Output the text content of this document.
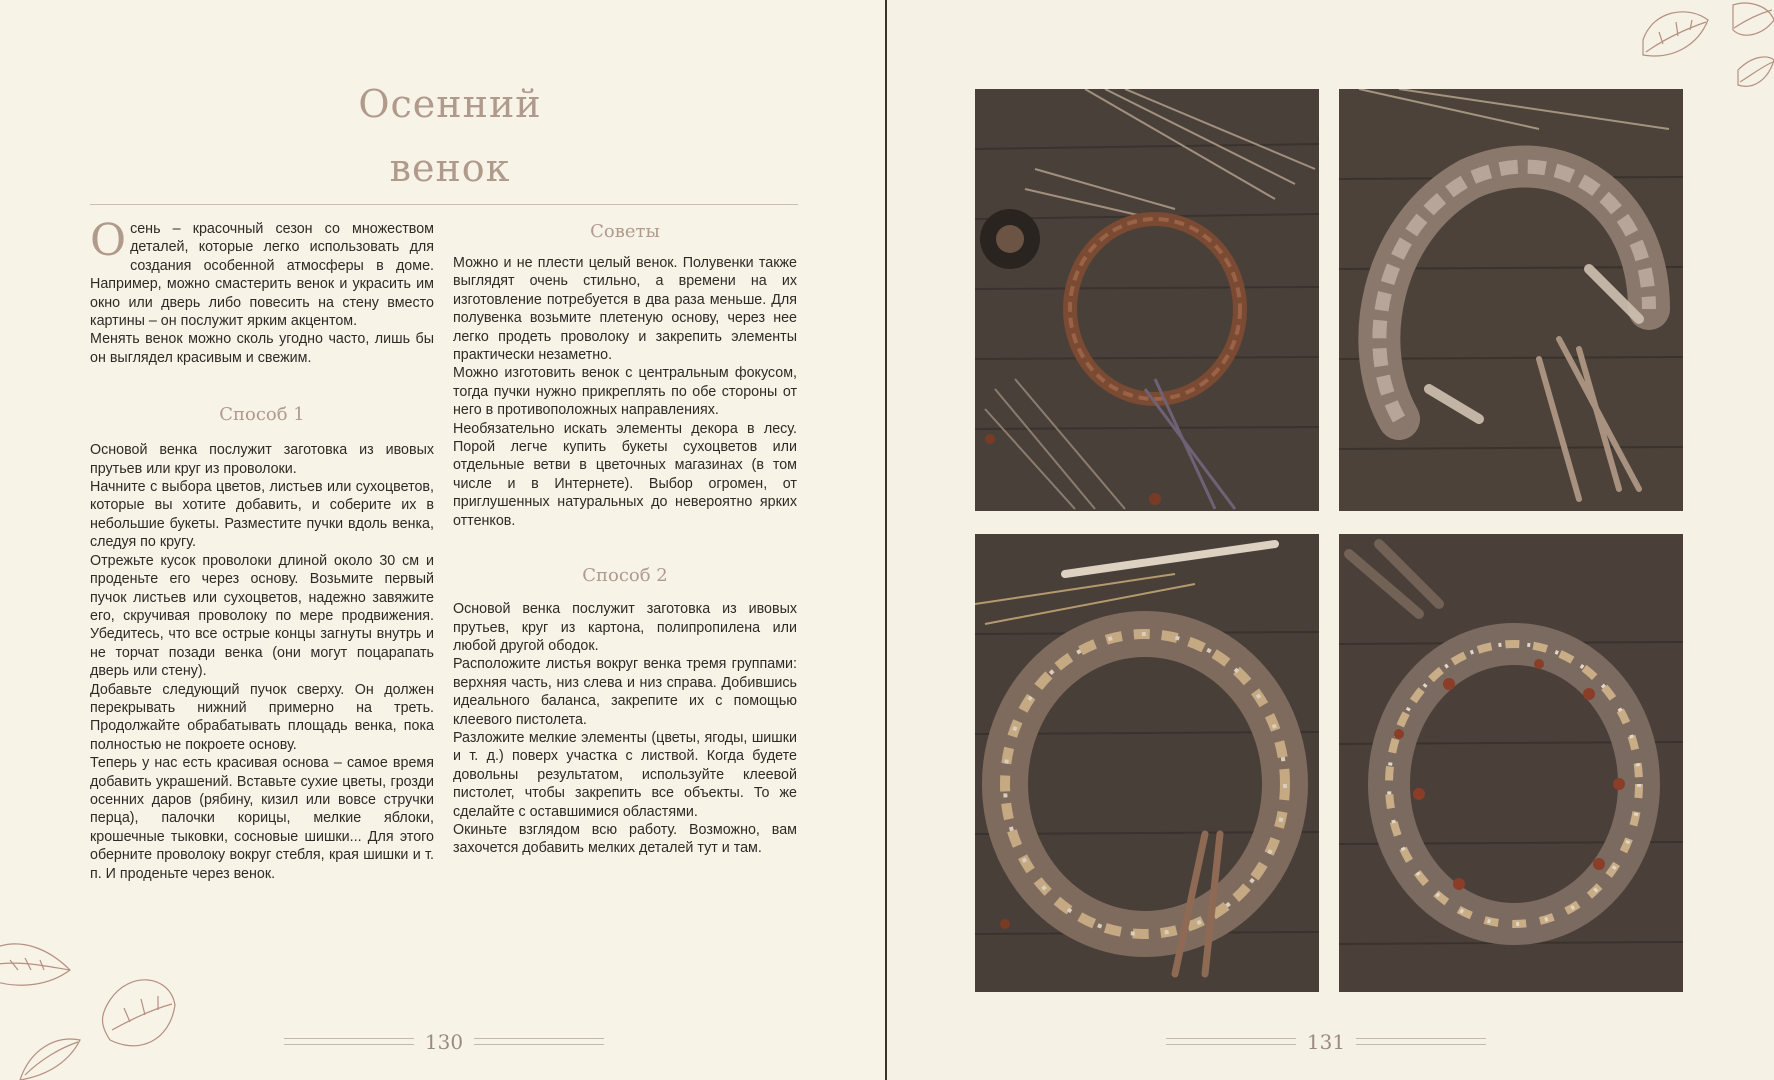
Осенний
венок

Осень – красочный сезон со множеством деталей, которые легко использовать для создания особенной атмосферы в доме. Например, можно смастерить венок и украсить им окно или дверь либо повесить на стену вместо картины – он послужит ярким акцентом.

Менять венок можно сколь угодно часто, лишь бы он выглядел красивым и свежим.

Способ 1

Основой венка послужит заготовка из ивовых прутьев или круг из проволоки.

Начните с выбора цветов, листьев или сухоцветов, которые вы хотите добавить, и соберите их в небольшие букеты. Разместите пучки вдоль венка, следуя по кругу.

Отрежьте кусок проволоки длиной около 30 см и проденьте его через основу. Возьмите первый пучок листьев или сухоцветов, надежно завяжите его, скручивая проволоку по мере продвижения. Убедитесь, что все острые концы загнуты внутрь и не торчат позади венка (они могут поцарапать дверь или стену).

Добавьте следующий пучок сверху. Он должен перекрывать нижний примерно на треть. Продолжайте обрабатывать площадь венка, пока полностью не покроете основу.

Теперь у нас есть красивая основа – самое время добавить украшений. Вставьте сухие цветы, грозди осенних даров (рябину, кизил или вовсе стручки перца), палочки корицы, мелкие яблоки, крошечные тыковки, сосновые шишки... Для этого оберните проволоку вокруг стебля, края шишки и т. п. И проденьте через венок.

Советы

Можно и не плести целый венок. Полувенки также выглядят очень стильно, а времени на их изготовление потребуется в два раза меньше. Для полувенка возьмите плетеную основу, через нее легко продеть проволоку и закрепить элементы практически незаметно.

Можно изготовить венок с центральным фокусом, тогда пучки нужно прикреплять по обе стороны от него в противоположных направлениях.

Необязательно искать элементы декора в лесу. Порой легче купить букеты сухоцветов или отдельные ветви в цветочных магазинах (в том числе и в Интернете). Выбор огромен, от приглушенных натуральных до невероятно ярких оттенков.

Способ 2

Основой венка послужит заготовка из ивовых прутьев, круг из картона, полипропилена или любой другой ободок.

Расположите листья вокруг венка тремя группами: верхняя часть, низ слева и низ справа. Добившись идеального баланса, закрепите их с помощью клеевого пистолета.

Разложите мелкие элементы (цветы, ягоды, шишки и т. д.) поверх участка с листвой. Когда будете довольны результатом, используйте клеевой пистолет, чтобы закрепить все объекты. То же сделайте с оставшимися областями.

Окиньте взглядом всю работу. Возможно, вам захочется добавить мелких деталей тут и там.

130	131
